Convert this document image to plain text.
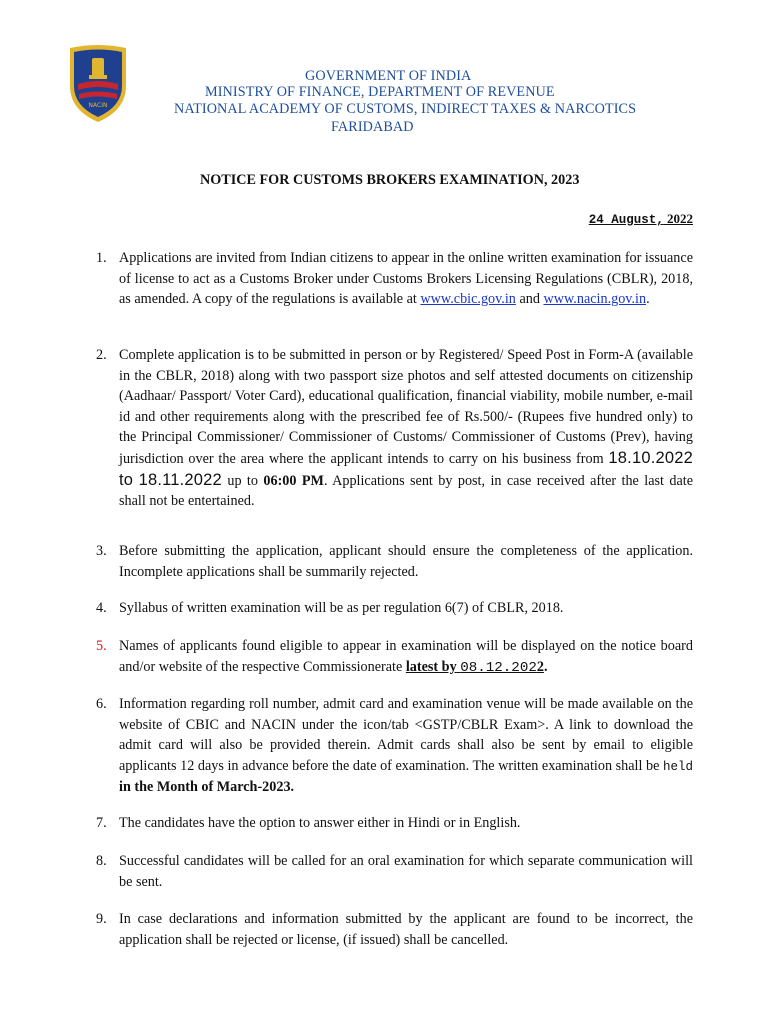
NACIN
GOVERNMENT OF INDIA
MINISTRY OF FINANCE, DEPARTMENT OF REVENUE
NATIONAL ACADEMY OF CUSTOMS, INDIRECT TAXES & NARCOTICS
FARIDABAD
NOTICE FOR CUSTOMS BROKERS EXAMINATION, 2023
24 August, 2022
1. Applications are invited from Indian citizens to appear in the online written examination for issuance of license to act as a Customs Broker under Customs Brokers Licensing Regulations (CBLR), 2018, as amended. A copy of the regulations is available at www.cbic.gov.in and www.nacin.gov.in.
2. Complete application is to be submitted in person or by Registered/ Speed Post in Form-A (available in the CBLR, 2018) along with two passport size photos and self attested documents on citizenship (Aadhaar/ Passport/ Voter Card), educational qualification, financial viability, mobile number, e-mail id and other requirements along with the prescribed fee of Rs.500/- (Rupees five hundred only) to the Principal Commissioner/ Commissioner of Customs/ Commissioner of Customs (Prev), having jurisdiction over the area where the applicant intends to carry on his business from 18.10.2022 to 18.11.2022 up to 06:00 PM. Applications sent by post, in case received after the last date shall not be entertained.
3. Before submitting the application, applicant should ensure the completeness of the application. Incomplete applications shall be summarily rejected.
4. Syllabus of written examination will be as per regulation 6(7) of CBLR, 2018.
5. Names of applicants found eligible to appear in examination will be displayed on the notice board and/or website of the respective Commissionerate latest by 08.12.2022.
6. Information regarding roll number, admit card and examination venue will be made available on the website of CBIC and NACIN under the icon/tab <GSTP/CBLR Exam>. A link to download the admit card will also be provided therein. Admit cards shall also be sent by email to eligible applicants 12 days in advance before the date of examination. The written examination shall be held in the Month of March-2023.
7. The candidates have the option to answer either in Hindi or in English.
8. Successful candidates will be called for an oral examination for which separate communication will be sent.
9. In case declarations and information submitted by the applicant are found to be incorrect, the application shall be rejected or license, (if issued) shall be cancelled.
